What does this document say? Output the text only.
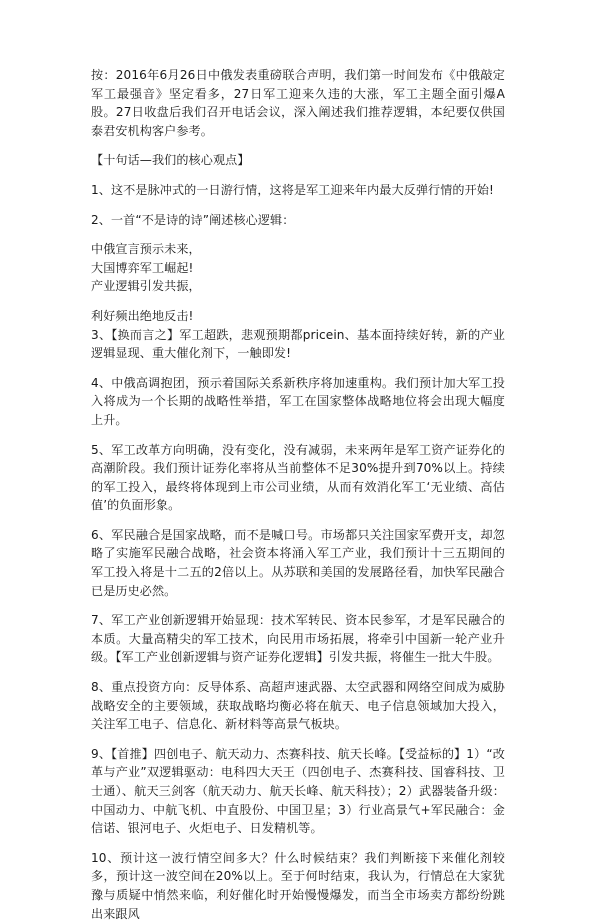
按：2016年6月26日中俄发表重磅联合声明，我们第一时间发布《中俄敲定军工最强音》坚定看多，27日军工迎来久违的大涨，军工主题全面引爆A股。27日收盘后我们召开电话会议，深入阐述我们推荐逻辑，本纪要仅供国泰君安机构客户参考。

【十句话—我们的核心观点】

1、这不是脉冲式的一日游行情，这将是军工迎来年内最大反弹行情的开始!

2、一首“不是诗的诗”阐述核心逻辑：

中俄宣言预示未来，

大国博弈军工崛起!

产业逻辑引发共振，

利好频出绝地反击!

3、【换而言之】军工超跌，悲观预期都pricein、基本面持续好转，新的产业逻辑显现、重大催化剂下，一触即发!

4、中俄高调抱团，预示着国际关系新秩序将加速重构。我们预计加大军工投入将成为一个长期的战略性举措，军工在国家整体战略地位将会出现大幅度上升。

5、军工改革方向明确，没有变化，没有减弱，未来两年是军工资产证券化的高潮阶段。我们预计证券化率将从当前整体不足30%提升到70%以上。持续的军工投入，最终将体现到上市公司业绩，从而有效消化军工‘无业绩、高估值’的负面形象。

6、军民融合是国家战略，而不是喊口号。市场都只关注国家军费开支，却忽略了实施军民融合战略，社会资本将涌入军工产业，我们预计十三五期间的军工投入将是十二五的2倍以上。从苏联和美国的发展路径看，加快军民融合已是历史必然。

7、军工产业创新逻辑开始显现：技术军转民、资本民参军，才是军民融合的本质。大量高精尖的军工技术，向民用市场拓展，将牵引中国新一轮产业升级。【军工产业创新逻辑与资产证券化逻辑】引发共振，将催生一批大牛股。

8、重点投资方向：反导体系、高超声速武器、太空武器和网络空间成为威胁战略安全的主要领域，获取战略均衡必将在航天、电子信息领域加大投入，关注军工电子、信息化、新材料等高景气板块。

9、【首推】四创电子、航天动力、杰赛科技、航天长峰。【受益标的】1）“改革与产业”双逻辑驱动：电科四大天王（四创电子、杰赛科技、国睿科技、卫士通）、航天三剑客（航天动力、航天长峰、航天科技）；2）武器装备升级：中国动力、中航飞机、中直股份、中国卫星；3）行业高景气+军民融合：金信诺、银河电子、火炬电子、日发精机等。

10、预计这一波行情空间多大？什么时候结束？我们判断接下来催化剂较多，预计这一波空间在20%以上。至于何时结束，我认为，行情总在大家犹豫与质疑中悄然来临，利好催化时开始慢慢爆发，而当全市场卖方都纷纷跳出来跟风
